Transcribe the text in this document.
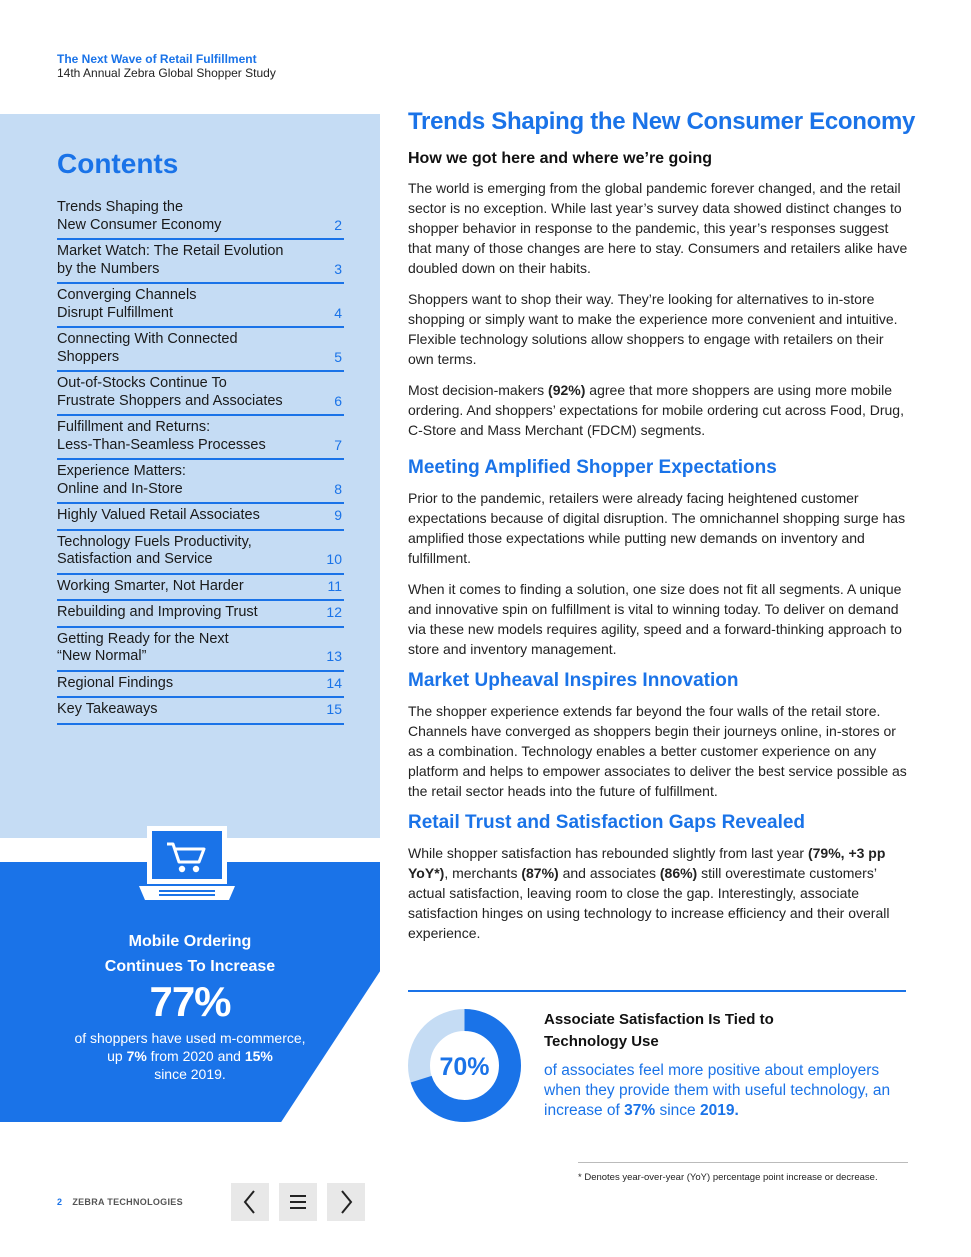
The Next Wave of Retail Fulfillment
14th Annual Zebra Global Shopper Study
Contents
Trends Shaping the
New Consumer Economy	2
Market Watch: The Retail Evolution
by the Numbers	3
Converging Channels
Disrupt Fulfillment	4
Connecting With Connected
Shoppers	5
Out-of-Stocks Continue To
Frustrate Shoppers and Associates	6
Fulfillment and Returns:
Less-Than-Seamless Processes	7
Experience Matters:
Online and In-Store	8
Highly Valued Retail Associates	9
Technology Fuels Productivity,
Satisfaction and Service	10
Working Smarter, Not Harder	11
Rebuilding and Improving Trust	12
Getting Ready for the Next
“New Normal”	13
Regional Findings	14
Key Takeaways	15
Mobile Ordering
Continues To Increase
77%
of shoppers have used m-commerce,
up 7% from 2020 and 15%
since 2019.
Trends Shaping the New Consumer Economy
How we got here and where we’re going

The world is emerging from the global pandemic forever changed, and the retail sector is no exception. While last year’s survey data showed distinct changes to shopper behavior in response to the pandemic, this year’s responses suggest that many of those changes are here to stay. Consumers and retailers alike have doubled down on their habits.

Shoppers want to shop their way. They’re looking for alternatives to in-store shopping or simply want to make the experience more convenient and intuitive. Flexible technology solutions allow shoppers to engage with retailers on their own terms.

Most decision-makers (92%) agree that more shoppers are using more mobile ordering. And shoppers’ expectations for mobile ordering cut across Food, Drug, C-Store and Mass Merchant (FDCM) segments.

Meeting Amplified Shopper Expectations

Prior to the pandemic, retailers were already facing heightened customer expectations because of digital disruption. The omnichannel shopping surge has amplified those expectations while putting new demands on inventory and fulfillment.

When it comes to finding a solution, one size does not fit all segments. A unique and innovative spin on fulfillment is vital to winning today. To deliver on demand via these new models requires agility, speed and a forward-thinking approach to store and inventory management.

Market Upheaval Inspires Innovation

The shopper experience extends far beyond the four walls of the retail store. Channels have converged as shoppers begin their journeys online, in-stores or as a combination. Technology enables a better customer experience on any platform and helps to empower associates to deliver the best service possible as the retail sector heads into the future of fulfillment.

Retail Trust and Satisfaction Gaps Revealed

While shopper satisfaction has rebounded slightly from last year (79%, +3 pp YoY*), merchants (87%) and associates (86%) still overestimate customers’ actual satisfaction, leaving room to close the gap. Interestingly, associate satisfaction hinges on using technology to increase efficiency and their overall experience.

70%
Associate Satisfaction Is Tied to
Technology Use
of associates feel more positive about employers when they provide them with useful technology, an increase of 37% since 2019.
* Denotes year-over-year (YoY) percentage point increase or decrease.
2 ZEBRA TECHNOLOGIES
